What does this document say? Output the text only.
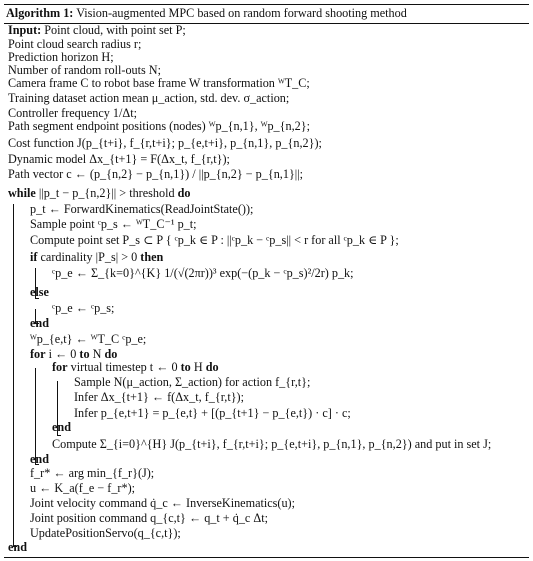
Algorithm 1: Vision-augmented MPC based on random forward shooting method
Input: Point cloud, with point set P;
Point cloud search radius r;
Prediction horizon H;
Number of random roll-outs N;
Camera frame C to robot base frame W transformation ᵂT_C;
Training dataset action mean μ_action, std. dev. σ_action;
Controller frequency 1/Δt;
Path segment endpoint positions (nodes) ᵂp_{n,1}, ᵂp_{n,2};
Cost function J(p_{t+i}, f_{r,t+i}; p_{e,t+i}, p_{n,1}, p_{n,2});
Dynamic model Δx_{t+1} = F(Δx_t, f_{r,t});
Path vector c ← (p_{n,2} − p_{n,1}) / ||p_{n,2} − p_{n,1}||;
while ||p_t − p_{n,2}|| > threshold do
p_t ← ForwardKinematics(ReadJointState());
Sample point ᶜp_s ← ᵂT_C⁻¹ p_t;
Compute point set P_s ⊂ P { ᶜp_k ∈ P : ||ᶜp_k − ᶜp_s|| < r for all ᶜp_k ∈ P };
if cardinality |P_s| > 0 then
ᶜp_e ← Σ_{k=0}^{K} 1/(√(2πr))³ exp(−(p_k − ᶜp_s)²/2r) p_k;
else
ᶜp_e ← ᶜp_s;
end
ᵂp_{e,t} ← ᵂT_C ᶜp_e;
for i ← 0 to N do
for virtual timestep t ← 0 to H do
Sample N(μ_action, Σ_action) for action f_{r,t};
Infer Δx_{t+1} ← f(Δx_t, f_{r,t});
Infer p_{e,t+1} = p_{e,t} + [(p_{t+1} − p_{e,t}) · c] · c;
end
Compute Σ_{i=0}^{H} J(p_{t+i}, f_{r,t+i}; p_{e,t+i}, p_{n,1}, p_{n,2}) and put in set J;
end
f_r* ← arg min_{f_r}(J);
u ← K_a(f_e − f_r*);
Joint velocity command q̇_c ← InverseKinematics(u);
Joint position command q_{c,t} ← q_t + q̇_c Δt;
UpdatePositionServo(q_{c,t});
end
